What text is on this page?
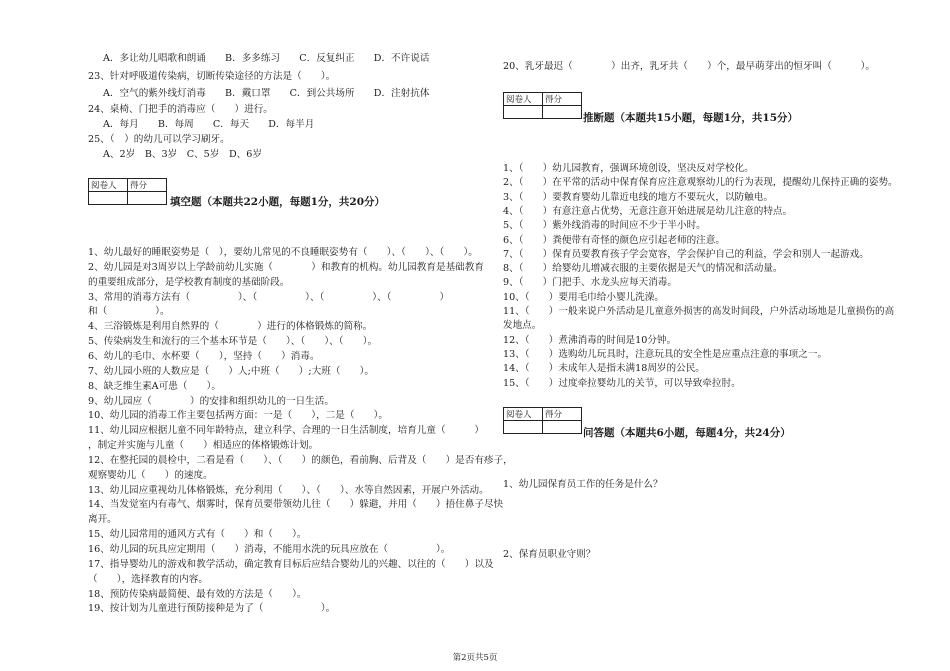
A．多让幼儿唱歌和朗诵　　B．多多练习　　C．反复纠正　　D．不许说话
23、针对呼吸道传染病，切断传染途径的方法是（　　）。
A．空气的紫外线灯消毒　　B．戴口罩　　C．到公共场所　　D．注射抗体
24、桌椅、门把手的消毒应（　　）进行。
A．每月　　B．每周　　C．每天　　D．每半月
25、（　）的幼儿可以学习刷牙。
A、2岁　B、3岁　C、5岁　D、6岁
阅卷人	得分

填空题（本题共22小题，每题1分，共20分）
1、幼儿最好的睡眠姿势是（　），要幼儿常见的不良睡眠姿势有（　　）、（　　）、（　　）。
2、幼儿园是对3周岁以上学龄前幼儿实施（　　　　）和教育的机构。幼儿园教育是基础教育
的重要组成部分，是学校教育制度的基础阶段。
3、常用的消毒方法有（　　　　　）、（　　　　　）、（　　　　　）、（　　　　　）
和（　　　　　）。
4、三浴锻炼是利用自然界的（　　　　）进行的体格锻炼的简称。
5、传染病发生和流行的三个基本环节是（　　）、（　　）、（　　）。
6、幼儿的毛巾、水杯要（　　），坚持（　　）消毒。
7、幼儿园小班的人数应是（　　）人;中班（　　）;大班（　　）。
8、缺乏维生素A可患（　　）。
9、幼儿园应（　　　　）的安排和组织幼儿的一日生活。
10、幼儿园的消毒工作主要包括两方面：一是（　　），二是（　　）。
11、幼儿园应根据儿童不同年龄特点，建立科学、合理的一日生活制度，培育儿童（　　　）
，制定并实施与儿童（　　）相适应的体格锻炼计划。
12、在整托园的晨检中，二看是看（　　）、（　　）的颜色，看前胸、后背及（　　）是否有疹子，
观察婴幼儿（　　）的速度。
13、幼儿园应重视幼儿体格锻炼，充分利用（　　）、（　　）、水等自然因素，开展户外活动。
14、当发觉室内有毒气、烟雾时，保育员要带领幼儿往（　　）躲避，并用（　　）捂住鼻子尽快
离开。
15、幼儿园常用的通风方式有（　　）和（　　）。
16、幼儿园的玩具应定期用（　　）消毒，不能用水洗的玩具应放在（　　　　　）。
17、指导婴幼儿的游戏和教学活动，确定教育目标后应结合婴幼儿的兴趣、以往的（　　）以及
（　　），选择教育的内容。
18、预防传染病最简便、最有效的方法是（　　）。
19、按计划为儿童进行预防接种是为了（　　　　　　）。
20、乳牙最迟（　　　　）出齐，乳牙共（　　）个，最早萌芽出的恒牙叫（　　　）。
阅卷人	得分

推断题（本题共15小题，每题1分，共15分）
1、（　　）幼儿园教育，强调环境创设，坚决反对学校化。
2、（　　）在平常的活动中保育保育应注意观察幼儿的行为表现，提醒幼儿保持正确的姿势。
3、（　　）要教育婴幼儿靠近电线的地方不要玩火，以防触电。
4、（　　）有意注意占优势，无意注意开始进展是幼儿注意的特点。
5、（　　）紫外线消毒的时间应不少于半小时。
6、（　　）粪便带有奇怪的颜色应引起老师的注意。
7、（　　）保育员要教育孩子学会宽容，学会保护自己的利益，学会和别人一起游戏。
8、（　　）给婴幼儿增减衣服的主要依据是天气的情况和活动量。
9、（　　）门把手、水龙头应每天消毒。
10、（　　）要用毛巾给小婴儿洗澡。
11、（　　）一般来说户外活动是儿童意外损害的高发时间段，户外活动场地是儿童损伤的高
发地点。
12、（　　）煮沸消毒的时间是10分钟。
13、（　　）选购幼儿玩具时，注意玩具的安全性是应重点注意的事项之一。
14、（　　）未成年人是指未满18周岁的公民。
15、（　　）过度牵拉婴幼儿的关节，可以导致牵拉肘。
阅卷人	得分

问答题（本题共6小题，每题4分，共24分）
1、幼儿园保育员工作的任务是什么？
2、保育员职业守则？
第2页共5页
